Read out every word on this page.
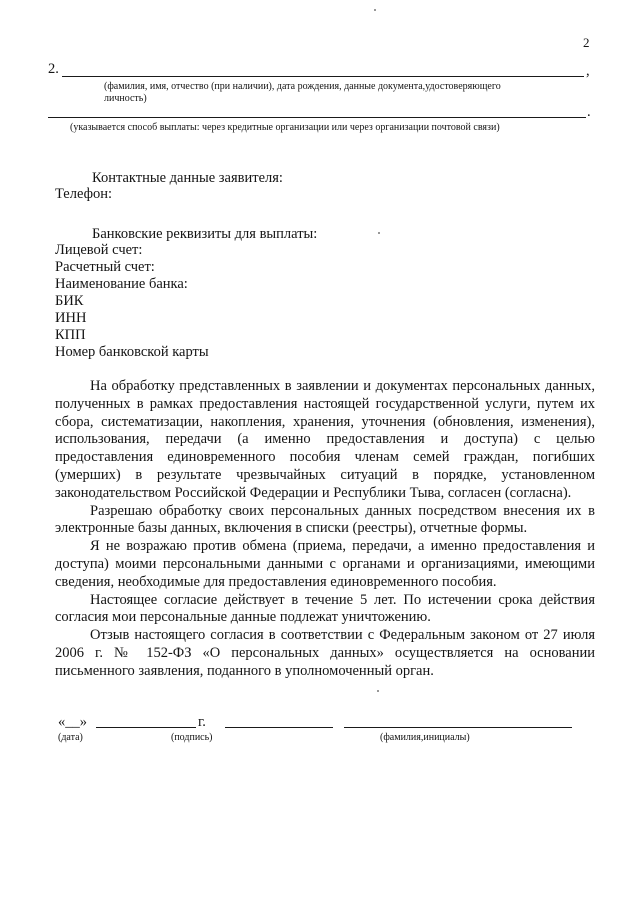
2
2.	,
(фамилия, имя, отчество (при наличии), дата рождения, данные документа,удостоверяющего
личность)
.
(указывается способ выплаты: через кредитные организации или через организации почтовой связи)
Контактные данные заявителя:
Телефон:
Банковские реквизиты для выплаты:
Лицевой счет:
Расчетный счет:
Наименование банка:
БИК
ИНН
КПП
Номер банковской карты

На обработку представленных в заявлении и документах персональных данных, полученных в рамках предоставления настоящей государственной услуги, путем их сбора, систематизации, накопления, хранения, уточнения (обновления, изменения), использования, передачи (а именно предоставления и доступа) с целью предоставления единовременного пособия членам семей граждан, погибших (умерших) в результате чрезвычайных ситуаций в порядке, установленном законодательством Российской Федерации и Республики Тыва, согласен (согласна).

Разрешаю обработку своих персональных данных посредством внесения их в электронные базы данных, включения в списки (реестры), отчетные формы.

Я не возражаю против обмена (приема, передачи, а именно предоставления и доступа) моими персональными данными с органами и организациями, имеющими сведения, необходимые для предоставления единовременного пособия.

Настоящее согласие действует в течение 5 лет. По истечении срока действия согласия мои персональные данные подлежат уничтожению.

Отзыв настоящего согласия в соответствии с Федеральным законом от 27 июля 2006 г. № 152-ФЗ «О персональных данных» осуществляется на основании письменного заявления, поданного в уполномоченный орган.

«__»	г.
(дата)	(подпись)	(фамилия,инициалы)
